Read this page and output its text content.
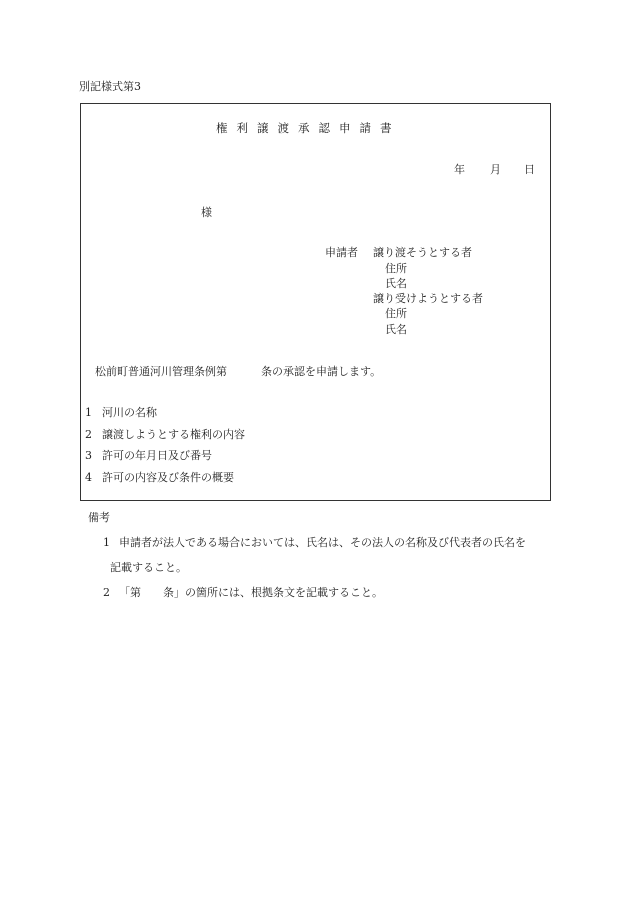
別記様式第3
権利譲渡承認申請書
年 月 日
様
申請者 譲り渡そうとする者
住所
氏名
譲り受けようとする者
住所
氏名
松前町普通河川管理条例第	条の承認を申請します。
1 河川の名称
2 譲渡しようとする権利の内容
3 許可の年月日及び番号
4 許可の内容及び条件の概要
備考
1 申請者が法人である場合においては、氏名は、その法人の名称及び代表者の氏名を
記載すること。
2 「第　　条」の箇所には、根拠条文を記載すること。
